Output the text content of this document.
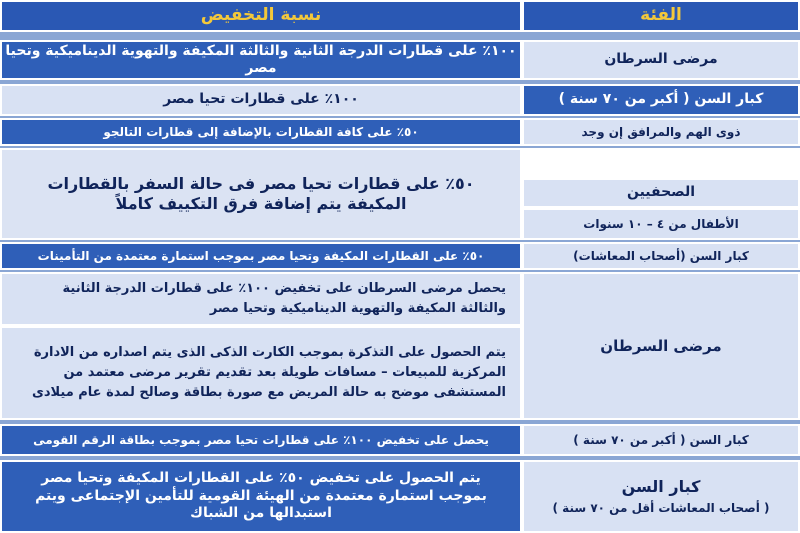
الفئة
نسبة التخفيض
مرضى السرطان
١٠٠٪ على قطارات الدرجة الثانية والثالثة المكيفة والتهوية الديناميكية وتحيا مصر
كبار السن ( أكبر من ٧٠ سنة )
١٠٠٪ على قطارات تحيا مصر
ذوى الهم والمرافق إن وجد
٥٠٪ على كافة القطارات بالإضافة إلى قطارات التالجو
الصحفيين
الأطفال من ٤ – ١٠ سنوات
٥٠٪ على قطارات تحيا مصر فى حالة السفر بالقطارات المكيفة يتم إضافة فرق التكييف كاملاً
كبار السن (أصحاب المعاشات)
٥٠٪ على القطارات المكيفة وتحيا مصر بموجب استمارة معتمدة من التأمينات
مرضى السرطان
يحصل مرضى السرطان على تخفيض ١٠٠٪ على قطارات الدرجة الثانية والثالثة المكيفة والتهوية الديناميكية وتحيا مصر
يتم الحصول على التذكرة بموجب الكارت الذكى الذى يتم اصداره من الادارة المركزية للمبيعات – مسافات طويلة بعد تقديم تقرير مرضى معتمد من المستشفى موضح به حالة المريض مع صورة بطاقة وصالح لمدة عام ميلادى
كبار السن ( أكبر من ٧٠ سنة )
يحصل على تخفيض ١٠٠٪ على قطارات تحيا مصر بموجب بطاقة الرقم القومى
كبار السن
( أصحاب المعاشات أقل من ٧٠ سنة )
يتم الحصول على تخفيض ٥٠٪ على القطارات المكيفة وتحيا مصر بموجب استمارة معتمدة من الهيئة القومية للتأمين الإجتماعى ويتم استبدالها من الشباك
